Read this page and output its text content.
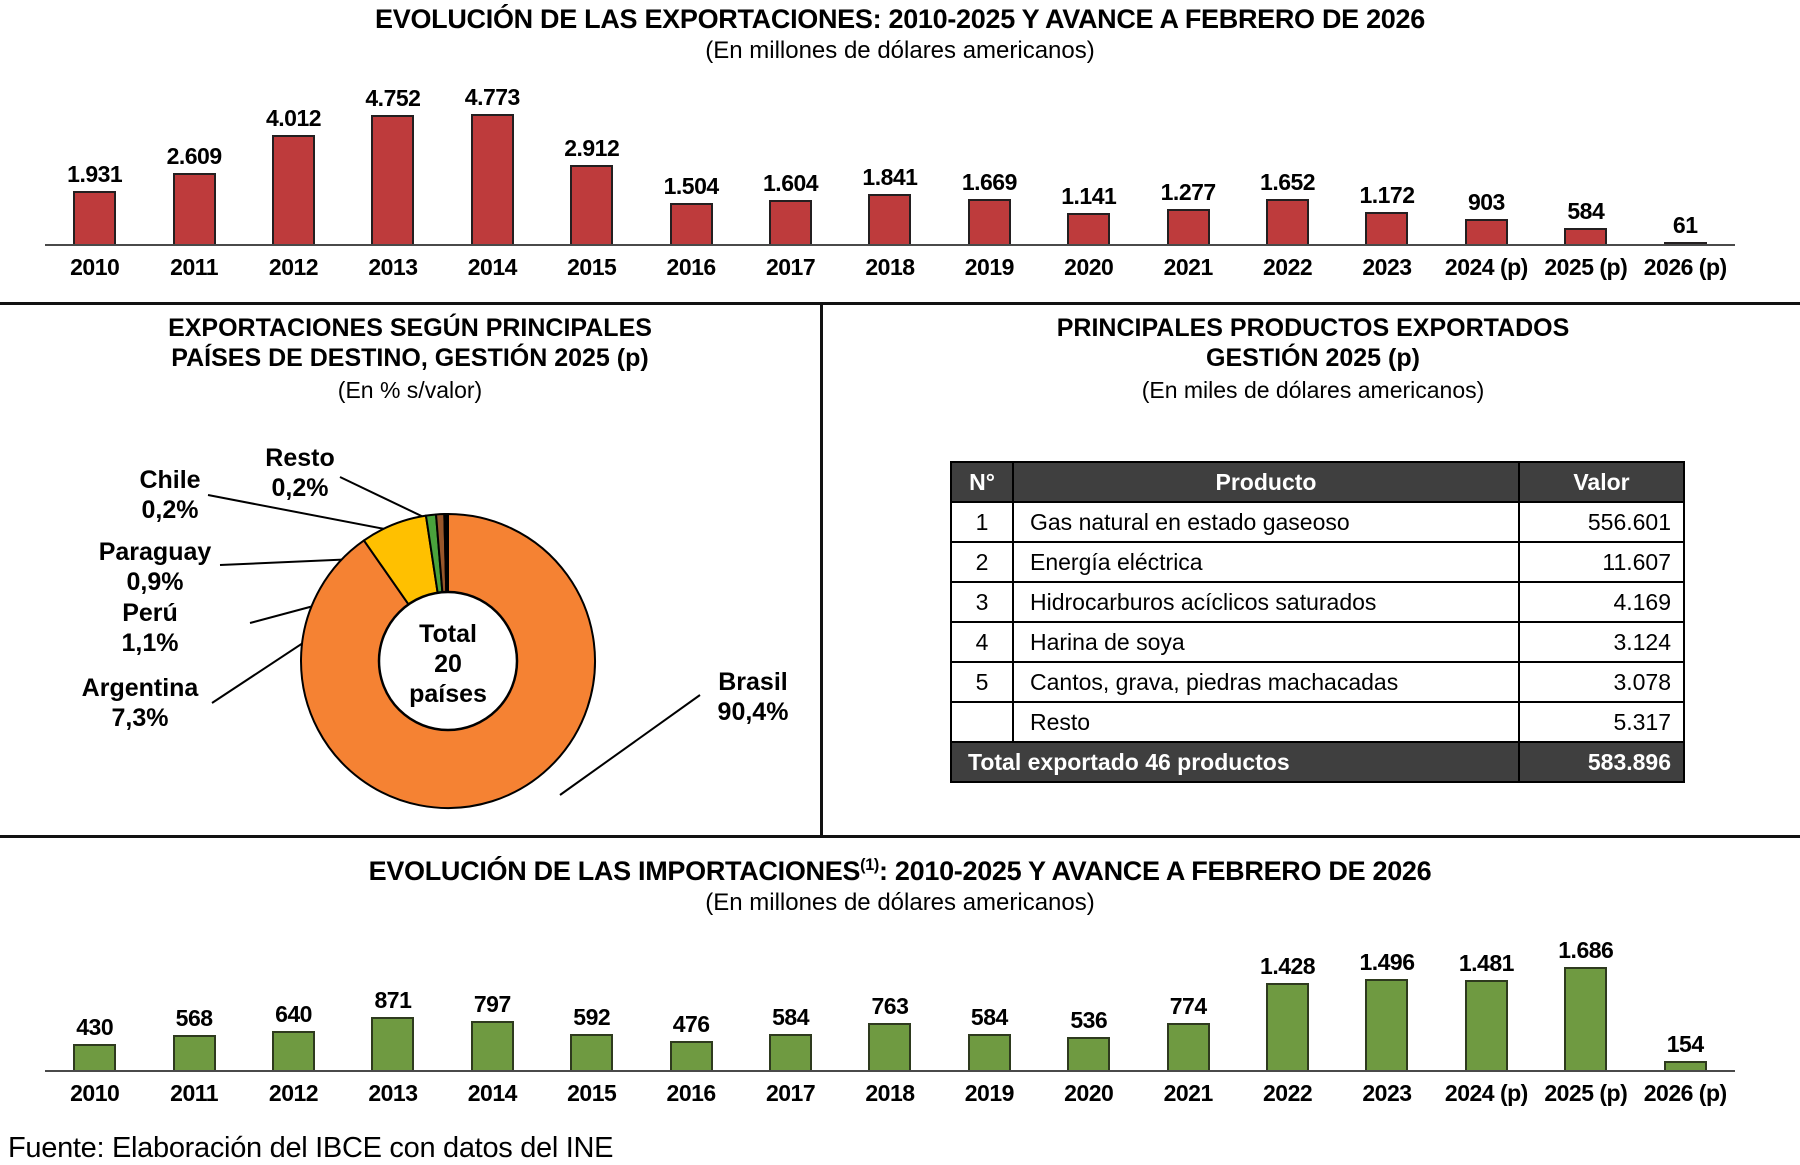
EVOLUCIÓN DE LAS EXPORTACIONES: 2010-2025 Y AVANCE A FEBRERO DE 2026
(En millones de dólares americanos)
1.931
2.609
4.012
4.752 4.773
2.912
1.504 1.604 1.841 1.669
1.141 1.277 1.652 1.172 903	584
61
2010	2011	2012	2013	2014	2015	2016	2017	2018	2019	2020	2021	2022	2023	2024 (p) 2025 (p) 2026 (p)
EXPORTACIONES SEGÚN PRINCIPALES
PAÍSES DE DESTINO, GESTIÓN 2025 (p)
(En % s/valor)
Total
20
países
Chile
0,2%
Resto
0,2%
Paraguay
0,9%
Perú
1,1%
Argentina
7,3%
Brasil
90,4%
PRINCIPALES PRODUCTOS EXPORTADOS
GESTIÓN 2025 (p)
(En miles de dólares americanos)
N°	Producto	Valor
1	Gas natural en estado gaseoso	556.601
2	Energía eléctrica	11.607
3	Hidrocarburos acíclicos saturados	4.169
4	Harina de soya	3.124
5	Cantos, grava, piedras machacadas	3.078
	Resto	5.317
Total exportado 46 productos		583.896
EVOLUCIÓN DE LAS IMPORTACIONES$^{(1)}$: 2010-2025 Y AVANCE A FEBRERO DE 2026
(En millones de dólares americanos)
430	568	640
871	797	592	476	584	763	584	536
774
1.428 1.496 1.481 1.686
154
2010	2011	2012	2013	2014	2015	2016	2017	2018	2019	2020	2021	2022	2023	2024 (p) 2025 (p) 2026 (p)
Fuente: Elaboración del IBCE con datos del INE
